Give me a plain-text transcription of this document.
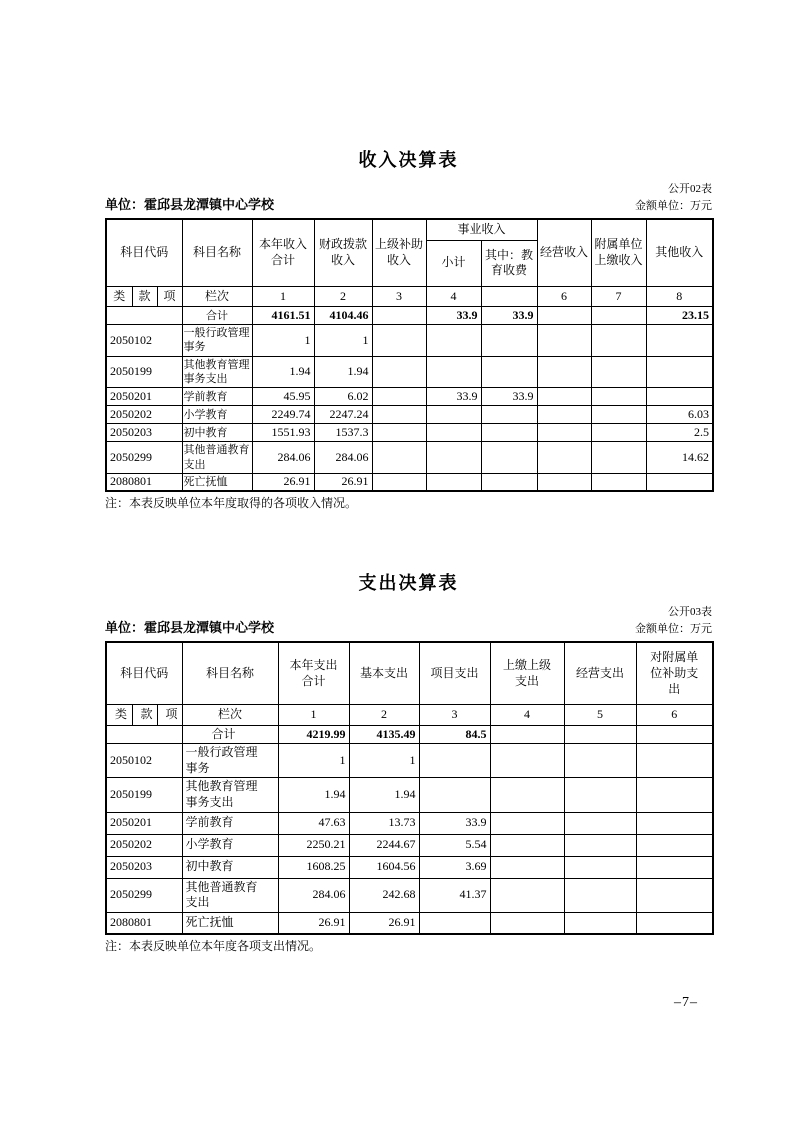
收入决算表
公开02表
单位：霍邱县龙潭镇中心学校	金额单位：万元
科目代码			科目名称	本年收入合计	财政拨款收入	上级补助收入	事业收入		经营收入	附属单位上缴收入	其他收入
							小计	其中：教育收费			
类	款	项	栏次	1	2	3	4		6	7	8
			合计	4161.51	4104.46		33.9	33.9			23.15
2050102			一般行政管理事务	1	1						
2050199			其他教育管理事务支出	1.94	1.94						
2050201			学前教育	45.95	6.02		33.9	33.9			
2050202			小学教育	2249.74	2247.24						6.03
2050203			初中教育	1551.93	1537.3						2.5
2050299			其他普通教育支出	284.06	284.06						14.62
2080801			死亡抚恤	26.91	26.91						

注：本表反映单位本年度取得的各项收入情况。

支出决算表
公开03表
单位：霍邱县龙潭镇中心学校	金额单位：万元
科目代码			科目名称	本年支出合计	基本支出	项目支出	上缴上级支出	经营支出	对附属单位补助支出
类	款	项	栏次	1	2	3	4	5	6
			合计	4219.99	4135.49	84.5			
2050102			一般行政管理事务	1	1				
2050199			其他教育管理事务支出	1.94	1.94				
2050201			学前教育	47.63	13.73	33.9			
2050202			小学教育	2250.21	2244.67	5.54			
2050203			初中教育	1608.25	1604.56	3.69			
2050299			其他普通教育支出	284.06	242.68	41.37			
2080801			死亡抚恤	26.91	26.91				

注：本表反映单位本年度各项支出情况。

–7–
